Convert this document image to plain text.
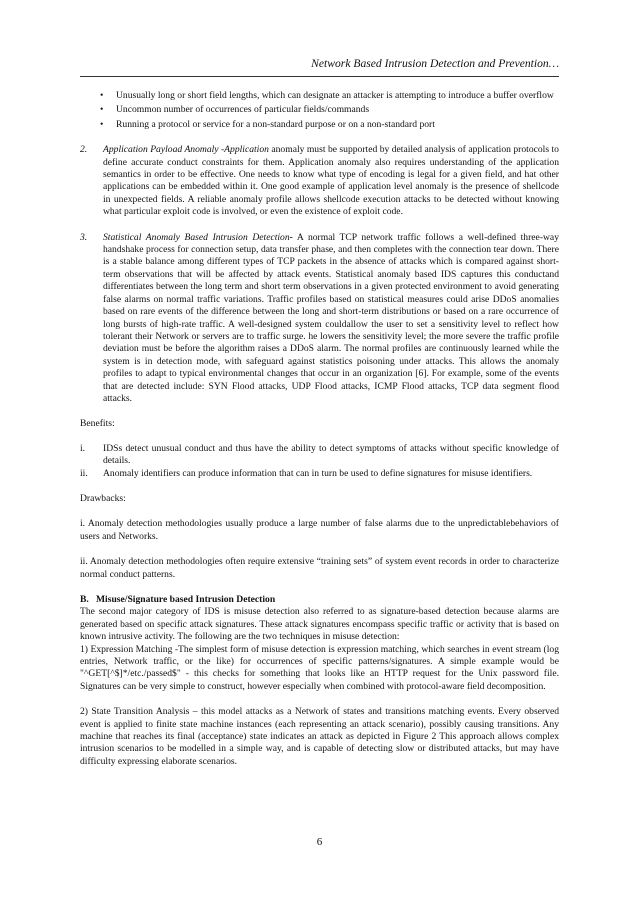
Network Based Intrusion Detection and Prevention…
• Unusually long or short field lengths, which can designate an attacker is attempting to introduce a buffer overflow
• Uncommon number of occurrences of particular fields/commands
• Running a protocol or service for a non-standard purpose or on a non-standard port
2. Application Payload Anomaly -Application anomaly must be supported by detailed analysis of application protocols to define accurate conduct constraints for them. Application anomaly also requires understanding of the application semantics in order to be effective. One needs to know what type of encoding is legal for a given field, and hat other applications can be embedded within it. One good example of application level anomaly is the presence of shellcode in unexpected fields. A reliable anomaly profile allows shellcode execution attacks to be detected without knowing what particular exploit code is involved, or even the existence of exploit code.

3. Statistical Anomaly Based Intrusion Detection- A normal TCP network traffic follows a well-defined three-way handshake process for connection setup, data transfer phase, and then completes with the connection tear down. There is a stable balance among different types of TCP packets in the absence of attacks which is compared against short-term observations that will be affected by attack events. Statistical anomaly based IDS captures this conductand differentiates between the long term and short term observations in a given protected environment to avoid generating false alarms on normal traffic variations. Traffic profiles based on statistical measures could arise DDoS anomalies based on rare events of the difference between the long and short-term distributions or based on a rare occurrence of long bursts of high-rate traffic. A well-designed system couldallow the user to set a sensitivity level to reflect how tolerant their Network or servers are to traffic surge. he lowers the sensitivity level; the more severe the traffic profile deviation must be before the algorithm raises a DDoS alarm. The normal profiles are continuously learned while the system is in detection mode, with safeguard against statistics poisoning under attacks. This allows the anomaly profiles to adapt to typical environmental changes that occur in an organization [6]. For example, some of the events that are detected include: SYN Flood attacks, UDP Flood attacks, ICMP Flood attacks, TCP data segment flood attacks.

Benefits:

i. IDSs detect unusual conduct and thus have the ability to detect symptoms of attacks without specific knowledge of details.

ii. Anomaly identifiers can produce information that can in turn be used to define signatures for misuse identifiers.

Drawbacks:

i. Anomaly detection methodologies usually produce a large number of false alarms due to the unpredictablebehaviors of users and Networks.

ii. Anomaly detection methodologies often require extensive “training sets” of system event records in order to characterize normal conduct patterns.

B.   Misuse/Signature based Intrusion Detection

The second major category of IDS is misuse detection also referred to as signature-based detection because alarms are generated based on specific attack signatures. These attack signatures encompass specific traffic or activity that is based on known intrusive activity. The following are the two techniques in misuse detection:

1) Expression Matching -The simplest form of misuse detection is expression matching, which searches in event stream (log entries, Network traffic, or the like) for occurrences of specific patterns/signatures. A simple example would be "^GET[^$]*/etc./passed$" - this checks for something that looks like an HTTP request for the Unix password file. Signatures can be very simple to construct, however especially when combined with protocol-aware field decomposition.

2) State Transition Analysis – this model attacks as a Network of states and transitions matching events. Every observed event is applied to finite state machine instances (each representing an attack scenario), possibly causing transitions. Any machine that reaches its final (acceptance) state indicates an attack as depicted in Figure 2 This approach allows complex intrusion scenarios to be modelled in a simple way, and is capable of detecting slow or distributed attacks, but may have difficulty expressing elaborate scenarios.

6
